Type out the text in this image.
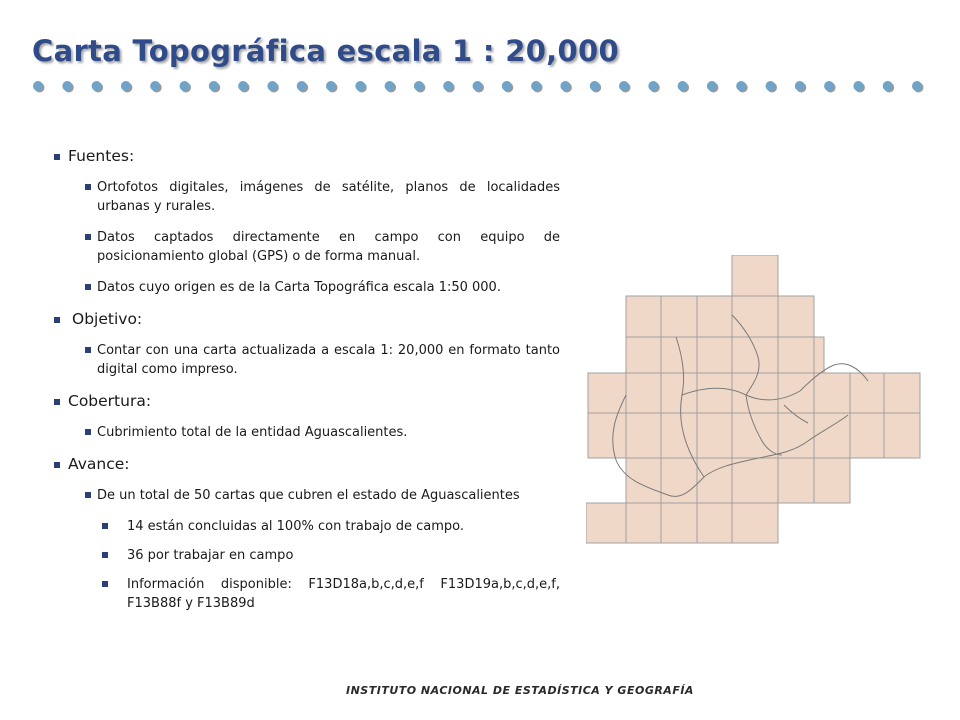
Carta Topográfica escala 1 : 20,000
Fuentes:
Ortofotos digitales, imágenes de satélite, planos de localidades urbanas y rurales.
Datos captados directamente en campo con equipo de posicionamiento global (GPS) o de forma manual.
Datos cuyo origen es de la Carta Topográfica escala 1:50 000.
Objetivo:
Contar con una carta actualizada a escala 1: 20,000 en formato tanto digital como impreso.
Cobertura:
Cubrimiento total de la entidad Aguascalientes.
Avance:
De un total de 50 cartas que cubren el estado de Aguascalientes
14 están concluidas al 100% con trabajo de campo.
36 por trabajar en campo
Información disponible: F13D18a,b,c,d,e,f F13D19a,b,c,d,e,f, F13B88f y F13B89d
INSTITUTO NACIONAL DE ESTADÍSTICA Y GEOGRAFÍA
